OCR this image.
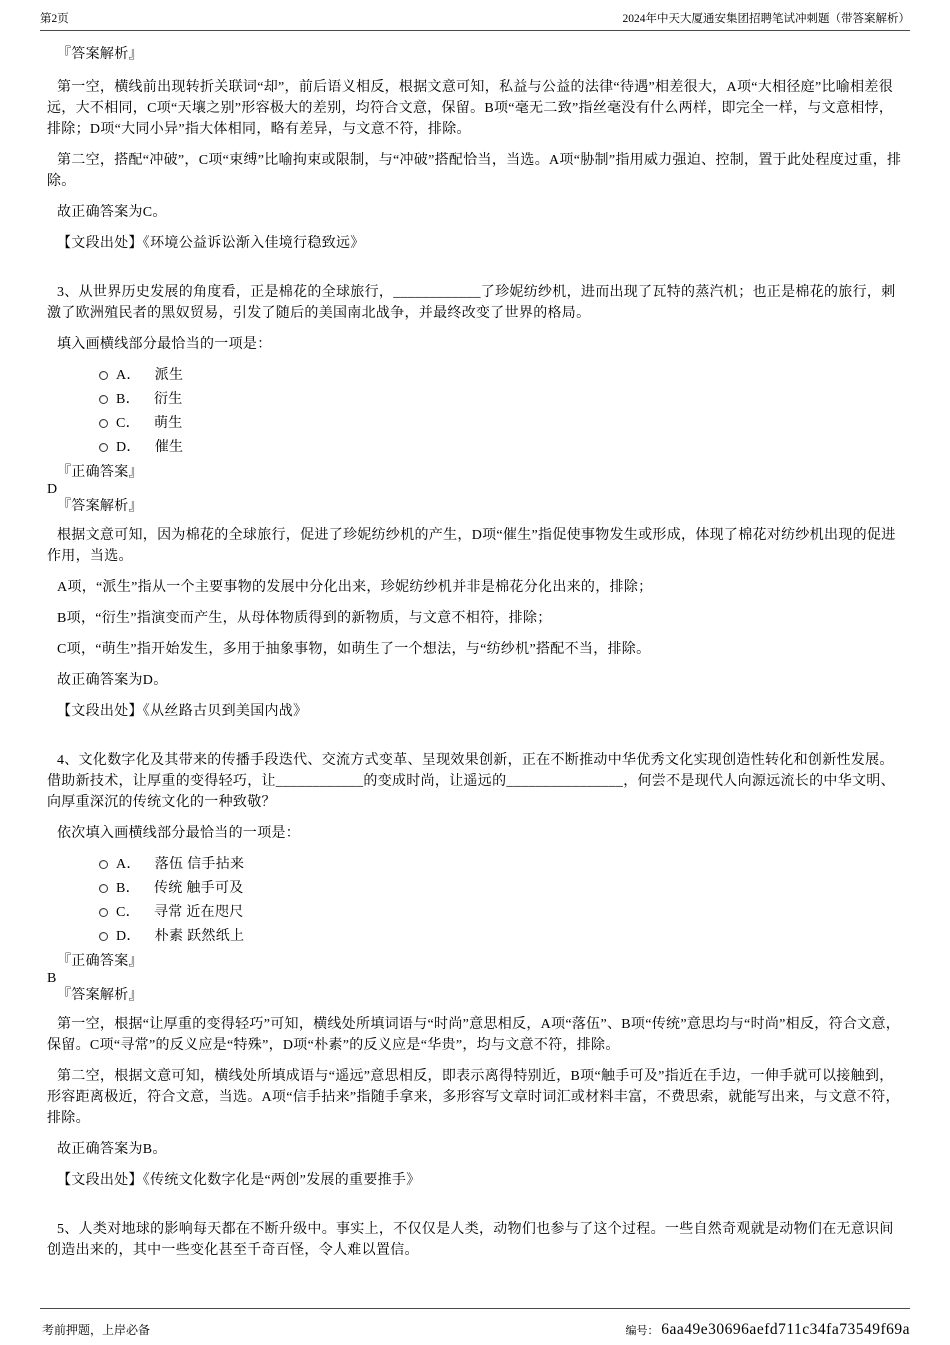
第2页	2024年中天大厦通安集团招聘笔试冲刺题（带答案解析）
『答案解析』

第一空，横线前出现转折关联词“却”，前后语义相反，根据文意可知，私益与公益的法律“待遇”相差很大，A项“大相径庭”比喻相差很远，大不相同，C项“天壤之别”形容极大的差别，均符合文意，保留。B项“毫无二致”指丝毫没有什么两样，即完全一样，与文意相悖，排除；D项“大同小异”指大体相同，略有差异，与文意不符，排除。

第二空，搭配“冲破”，C项“束缚”比喻拘束或限制，与“冲破”搭配恰当，当选。A项“胁制”指用威力强迫、控制，置于此处程度过重，排除。

故正确答案为C。

【文段出处】《环境公益诉讼渐入佳境行稳致远》

3、从世界历史发展的角度看，正是棉花的全球旅行，____________了珍妮纺纱机，进而出现了瓦特的蒸汽机；也正是棉花的旅行，刺激了欧洲殖民者的黑奴贸易，引发了随后的美国南北战争，并最终改变了世界的格局。

填入画横线部分最恰当的一项是：

A． 派生
B． 衍生
C． 萌生
D． 催生
『正确答案』
D
『答案解析』

根据文意可知，因为棉花的全球旅行，促进了珍妮纺纱机的产生，D项“催生”指促使事物发生或形成，体现了棉花对纺纱机出现的促进作用，当选。

A项，“派生”指从一个主要事物的发展中分化出来，珍妮纺纱机并非是棉花分化出来的，排除；

B项，“衍生”指演变而产生，从母体物质得到的新物质，与文意不相符，排除；

C项，“萌生”指开始发生，多用于抽象事物，如萌生了一个想法，与“纺纱机”搭配不当，排除。

故正确答案为D。

【文段出处】《从丝路古贝到美国内战》

4、文化数字化及其带来的传播手段迭代、交流方式变革、呈现效果创新，正在不断推动中华优秀文化实现创造性转化和创新性发展。借助新技术，让厚重的变得轻巧，让____________的变成时尚，让遥远的________________，何尝不是现代人向源远流长的中华文明、向厚重深沉的传统文化的一种致敬？

依次填入画横线部分最恰当的一项是：

A． 落伍 信手拈来
B． 传统 触手可及
C． 寻常 近在咫尺
D． 朴素 跃然纸上
『正确答案』
B
『答案解析』

第一空，根据“让厚重的变得轻巧”可知，横线处所填词语与“时尚”意思相反，A项“落伍”、B项“传统”意思均与“时尚”相反，符合文意，保留。C项“寻常”的反义应是“特殊”，D项“朴素”的反义应是“华贵”，均与文意不符，排除。

第二空，根据文意可知，横线处所填成语与“遥远”意思相反，即表示离得特别近，B项“触手可及”指近在手边，一伸手就可以接触到，形容距离极近，符合文意，当选。A项“信手拈来”指随手拿来，多形容写文章时词汇或材料丰富，不费思索，就能写出来，与文意不符，排除。

故正确答案为B。

【文段出处】《传统文化数字化是“两创”发展的重要推手》

5、人类对地球的影响每天都在不断升级中。事实上，不仅仅是人类，动物们也参与了这个过程。一些自然奇观就是动物们在无意识间创造出来的，其中一些变化甚至千奇百怪，令人难以置信。

考前押题，上岸必备	编号： 6aa49e30696aefd711c34fa73549f69a
